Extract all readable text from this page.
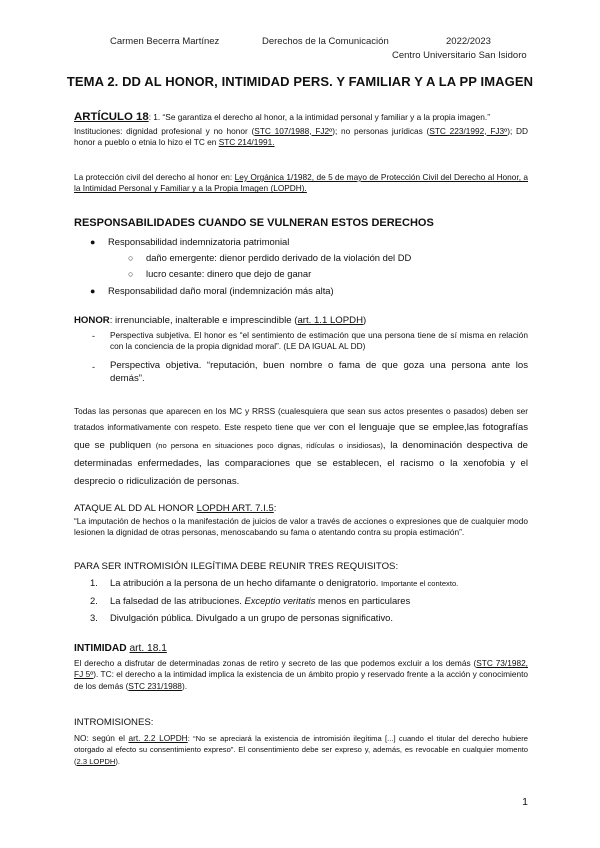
Carmen Becerra Martínez	Derechos de la Comunicación	2022/2023
Centro Universitario San Isidoro
TEMA 2. DD AL HONOR, INTIMIDAD PERS. Y FAMILIAR Y A LA PP IMAGEN

ARTÍCULO 18: 1. “Se garantiza el derecho al honor, a la intimidad personal y familiar y a la propia imagen.”

Instituciones: dignidad profesional y no honor (STC 107/1988, FJ2º); no personas jurídicas (STC 223/1992, FJ3º); DD honor a pueblo o etnia lo hizo el TC en STC 214/1991.

La protección civil del derecho al honor en: Ley Orgánica 1/1982, de 5 de mayo de Protección Civil del Derecho al Honor, a la Intimidad Personal y Familiar y a la Propia Imagen (LOPDH).

RESPONSABILIDADES CUANDO SE VULNERAN ESTOS DERECHOS
● Responsabilidad indemnizatoria patrimonial
○ daño emergente: dienor perdido derivado de la violación del DD
○ lucro cesante: dinero que dejo de ganar
● Responsabilidad daño moral (indemnización más alta)
HONOR: irrenunciable, inalterable e imprescindible (art. 1.1 LOPDH)
- Perspectiva subjetiva. El honor es “el sentimiento de estimación que una persona tiene de sí misma en relación con la conciencia de la propia dignidad moral”. (LE DA IGUAL AL DD)
- Perspectiva objetiva. “reputación, buen nombre o fama de que goza una persona ante los demás”.
Todas las personas que aparecen en los MC y RRSS (cualesquiera que sean sus actos presentes o pasados) deben ser tratados informativamente con respeto. Este respeto tiene que ver con el lenguaje que se emplee,las fotografías que se publiquen (no persona en situaciones poco dignas, ridículas o insidiosas), la denominación despectiva de determinadas enfermedades, las comparaciones que se establecen, el racismo o la xenofobia y el desprecio o ridiculización de personas.
ATAQUE AL DD AL HONOR LOPDH ART. 7.I.5:
“La imputación de hechos o la manifestación de juicios de valor a través de acciones o expresiones que de cualquier modo lesionen la dignidad de otras personas, menoscabando su fama o atentando contra su propia estimación”.
PARA SER INTROMISIÓN ILEGÍTIMA DEBE REUNIR TRES REQUISITOS:
1. La atribución a la persona de un hecho difamante o denigratorio. Importante el contexto.
2. La falsedad de las atribuciones. Exceptio veritatis menos en particulares
3. Divulgación pública. Divulgado a un grupo de personas significativo.
INTIMIDAD art. 18.1
El derecho a disfrutar de determinadas zonas de retiro y secreto de las que podemos excluir a los demás (STC 73/1982, FJ 5º). TC: el derecho a la intimidad implica la existencia de un ámbito propio y reservado frente a la acción y conocimiento de los demás (STC 231/1988).
INTROMISIONES:
NO: según el art. 2.2 LOPDH: “No se apreciará la existencia de intromisión ilegítima [...] cuando el titular del derecho hubiere otorgado al efecto su consentimiento expreso”. El consentimiento debe ser expreso y, además, es revocable en cualquier momento (2.3 LOPDH).
1
